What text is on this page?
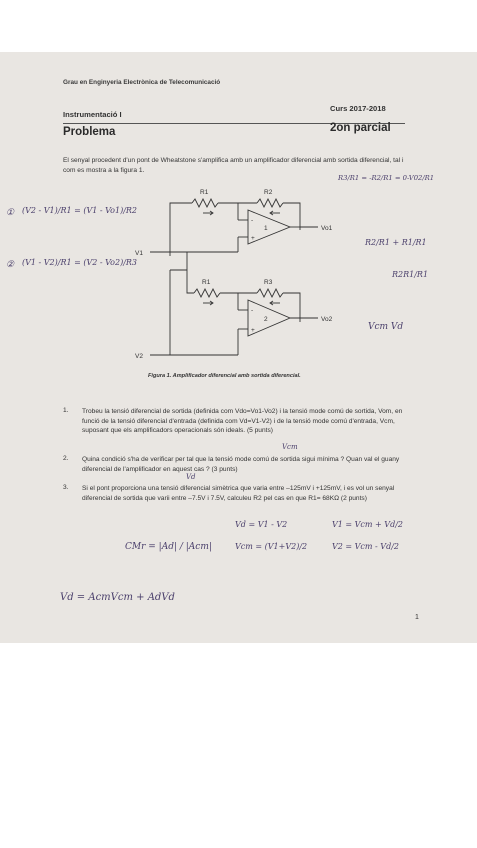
Grau en Enginyeria Electrònica de Telecomunicació
Instrumentació I
Curs 2017-2018
Problema	2on parcial
El senyal procedent d'un pont de Wheatstone s'amplifica amb un amplificador diferencial amb sortida diferencial, tal i com es mostra a la figura 1.
R1	R2
R1	R3
V1
V2
Vo1
Vo2
1
2
-
+
-
+
Figura 1. Amplificador diferencial amb sortida diferencial.
1. Trobeu la tensió diferencial de sortida (definida com Vdo=Vo1-Vo2) i la tensió mode comú de sortida, Vom, en funció de la tensió diferencial d'entrada (definida com Vd=V1-V2) i de la tensió mode comú d'entrada, Vcm, suposant que els amplificadors operacionals són ideals. (5 punts)
2. Quina condició s'ha de verificar per tal que la tensió mode comú de sortida sigui mínima ? Quan val el guany diferencial de l'amplificador en aquest cas ? (3 punts)
3. Si el pont proporciona una tensió diferencial simètrica que varia entre –125mV i +125mV, i es vol un senyal diferencial de sortida que varii entre –7.5V i 7.5V, calculeu R2 pel cas en que R1= 68KΩ (2 punts)
① (V2 - V1)/R1 = (V1 - Vo1)/R2
② (V1 - V2)/R1 = (V2 - Vo2)/R3
R3/R1 = -R2/R1 = 0-V02/R1
R2/R1 + R1/R1
R2R1/R1
Vcm Vd
Vcm
Vd
CMr = |Ad| / |Acm|
Vd = V1 - V2
Vcm = (V1+V2)/2
V1 = Vcm + Vd/2
V2 = Vcm - Vd/2
Vd = AcmVcm + AdVd
1
